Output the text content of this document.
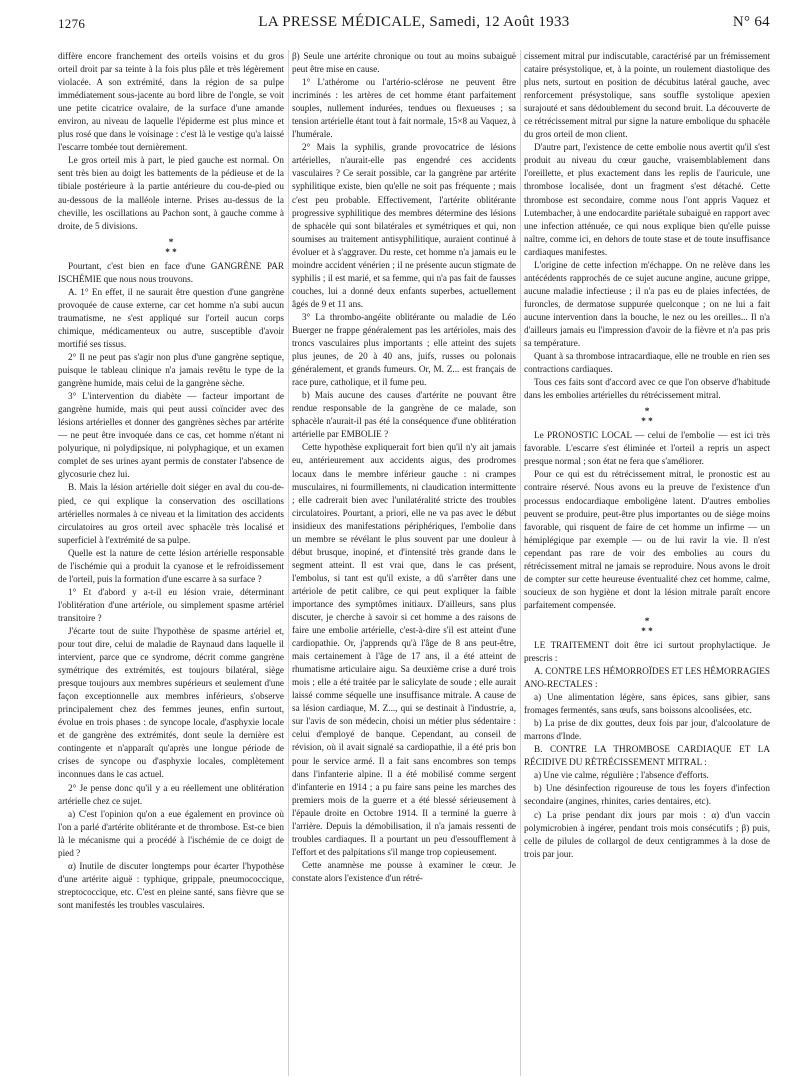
1276	LA PRESSE MÉDICALE, Samedi, 12 Août 1933	N° 64

diffère encore franchement des orteils voisins et du gros orteil droit par sa teinte à la fois plus pâle et très légèrement violacée. A son extrémité, dans la région de sa pulpe immédiatement sous-jacente au bord libre de l'ongle, se voit une petite cicatrice ovalaire, de la surface d'une amande environ, au niveau de laquelle l'épiderme est plus mince et plus rosé que dans le voisinage : c'est là le vestige qu'a laissé l'escarre tombée tout dernièrement.

Le gros orteil mis à part, le pied gauche est normal. On sent très bien au doigt les battements de la pédieuse et de la tibiale postérieure à la partie antérieure du cou-de-pied ou au-dessous de la malléole interne. Prises au-dessus de la cheville, les oscillations au Pachon sont, à gauche comme à droite, de 5 divisions.

*
* *

Pourtant, c'est bien en face d'une GANGRÈNE PAR ISCHÉMIE que nous nous trouvons.

A. 1° En effet, il ne saurait être question d'une gangrène provoquée de cause externe, car cet homme n'a subi aucun traumatisme, ne s'est appliqué sur l'orteil aucun corps chimique, médicamenteux ou autre, susceptible d'avoir mortifié ses tissus.

2° Il ne peut pas s'agir non plus d'une gangrène septique, puisque le tableau clinique n'a jamais revêtu le type de la gangrène humide, mais celui de la gangrène sèche.

3° L'intervention du diabète — facteur important de gangrène humide, mais qui peut aussi coïncider avec des lésions artérielles et donner des gangrènes sèches par artérite — ne peut être invoquée dans ce cas, cet homme n'étant ni polyurique, ni polydipsique, ni polyphagique, et un examen complet de ses urines ayant permis de constater l'absence de glycosurie chez lui.

B. Mais la lésion artérielle doit siéger en aval du cou-de-pied, ce qui explique la conservation des oscillations artérielles normales à ce niveau et la limitation des accidents circulatoires au gros orteil avec sphacèle très localisé et superficiel à l'extrémité de sa pulpe.

Quelle est la nature de cette lésion artérielle responsable de l'ischémie qui a produit la cyanose et le refroidissement de l'orteil, puis la formation d'une escarre à sa surface ?

1° Et d'abord y a-t-il eu lésion vraie, déterminant l'oblitération d'une artériole, ou simplement spasme artériel transitoire ?

J'écarte tout de suite l'hypothèse de spasme artériel et, pour tout dire, celui de maladie de Raynaud dans laquelle il intervient, parce que ce syndrome, décrit comme gangrène symétrique des extrémités, est toujours bilatéral, siège presque toujours aux membres supérieurs et seulement d'une façon exceptionnelle aux membres inférieurs, s'observe principalement chez des femmes jeunes, enfin surtout, évolue en trois phases : de syncope locale, d'asphyxie locale et de gangrène des extrémités, dont seule la dernière est contingente et n'apparaît qu'après une longue période de crises de syncope ou d'asphyxie locales, complètement inconnues dans le cas actuel.

2° Je pense donc qu'il y a eu réellement une oblitération artérielle chez ce sujet.

a) C'est l'opinion qu'on a eue également en province où l'on a parlé d'artérite oblitérante et de thrombose. Est-ce bien là le mécanisme qui a procédé à l'ischémie de ce doigt de pied ?

α) Inutile de discuter longtemps pour écarter l'hypothèse d'une artérite aiguë : typhique, grippale, pneumococcique, streptococcique, etc. C'est en pleine santé, sans fièvre que se sont manifestés les troubles vasculaires.

β) Seule une artérite chronique ou tout au moins subaiguë peut être mise en cause.

1° L'athérome ou l'artério-sclérose ne peuvent être incriminés : les artères de cet homme étant parfaitement souples, nullement indurées, tendues ou flexueuses ; sa tension artérielle étant tout à fait normale, 15×8 au Vaquez, à l'humérale.

2° Mais la syphilis, grande provocatrice de lésions artérielles, n'aurait-elle pas engendré ces accidents vasculaires ? Ce serait possible, car la gangrène par artérite syphilitique existe, bien qu'elle ne soit pas fréquente ; mais c'est peu probable. Effectivement, l'artérite oblitérante progressive syphilitique des membres détermine des lésions de sphacèle qui sont bilatérales et symétriques et qui, non soumises au traitement antisyphilitique, auraient continué à évoluer et à s'aggraver. Du reste, cet homme n'a jamais eu le moindre accident vénérien ; il ne présente aucun stigmate de syphilis ; il est marié, et sa femme, qui n'a pas fait de fausses couches, lui a donné deux enfants superbes, actuellement âgés de 9 et 11 ans.

3° La thrombo-angéite oblitérante ou maladie de Léo Buerger ne frappe généralement pas les artérioles, mais des troncs vasculaires plus importants ; elle atteint des sujets plus jeunes, de 20 à 40 ans, juifs, russes ou polonais généralement, et grands fumeurs. Or, M. Z... est français de race pure, catholique, et il fume peu.

b) Mais aucune des causes d'artérite ne pouvant être rendue responsable de la gangrène de ce malade, son sphacèle n'aurait-il pas été la conséquence d'une oblitération artérielle par EMBOLIE ?

Cette hypothèse expliquerait fort bien qu'il n'y ait jamais eu, antérieurement aux accidents aigus, des prodromes locaux dans le membre inférieur gauche : ni crampes musculaires, ni fourmillements, ni claudication intermittente ; elle cadrerait bien avec l'unilatéralité stricte des troubles circulatoires. Pourtant, a priori, elle ne va pas avec le début insidieux des manifestations périphériques, l'embolie dans un membre se révélant le plus souvent par une douleur à début brusque, inopiné, et d'intensité très grande dans le segment atteint. Il est vrai que, dans le cas présent, l'embolus, si tant est qu'il existe, a dû s'arrêter dans une artériole de petit calibre, ce qui peut expliquer la faible importance des symptômes initiaux. D'ailleurs, sans plus discuter, je cherche à savoir si cet homme a des raisons de faire une embolie artérielle, c'est-à-dire s'il est atteint d'une cardiopathie. Or, j'apprends qu'à l'âge de 8 ans peut-être, mais certainement à l'âge de 17 ans, il a été atteint de rhumatisme articulaire aigu. Sa deuxième crise a duré trois mois ; elle a été traitée par le salicylate de soude ; elle aurait laissé comme séquelle une insuffisance mitrale. A cause de sa lésion cardiaque, M. Z..., qui se destinait à l'industrie, a, sur l'avis de son médecin, choisi un métier plus sédentaire : celui d'employé de banque. Cependant, au conseil de révision, où il avait signalé sa cardiopathie, il a été pris bon pour le service armé. Il a fait sans encombres son temps dans l'infanterie alpine. Il a été mobilisé comme sergent d'infanterie en 1914 ; a pu faire sans peine les marches des premiers mois de la guerre et a été blessé sérieusement à l'épaule droite en Octobre 1914. Il a terminé la guerre à l'arrière. Depuis la démobilisation, il n'a jamais ressenti de troubles cardiaques. Il a pourtant un peu d'essoufflement à l'effort et des palpitations s'il mange trop copieusement.

Cette anamnèse me pousse à examiner le cœur. Je constate alors l'existence d'un rétré-

cissement mitral pur indiscutable, caractérisé par un frémissement cataire présystolique, et, à la pointe, un roulement diastolique des plus nets, surtout en position de décubitus latéral gauche, avec renforcement présystolique, sans souffle systolique apexien surajouté et sans dédoublement du second bruit. La découverte de ce rétrécissement mitral pur signe la nature embolique du sphacèle du gros orteil de mon client.

D'autre part, l'existence de cette embolie nous avertit qu'il s'est produit au niveau du cœur gauche, vraisemblablement dans l'oreillette, et plus exactement dans les replis de l'auricule, une thrombose localisée, dont un fragment s'est détaché. Cette thrombose est secondaire, comme nous l'ont appris Vaquez et Lutembacher, à une endocardite pariétale subaiguë en rapport avec une infection atténuée, ce qui nous explique bien qu'elle puisse naître, comme ici, en dehors de toute stase et de toute insuffisance cardiaques manifestes.

L'origine de cette infection m'échappe. On ne relève dans les antécédents rapprochés de ce sujet aucune angine, aucune grippe, aucune maladie infectieuse ; il n'a pas eu de plaies infectées, de furoncles, de dermatose suppurée quelconque ; on ne lui a fait aucune intervention dans la bouche, le nez ou les oreilles... Il n'a d'ailleurs jamais eu l'impression d'avoir de la fièvre et n'a pas pris sa température.

Quant à sa thrombose intracardiaque, elle ne trouble en rien ses contractions cardiaques.

Tous ces faits sont d'accord avec ce que l'on observe d'habitude dans les embolies artérielles du rétrécissement mitral.

*
* *

Le PRONOSTIC LOCAL — celui de l'embolie — est ici très favorable. L'escarre s'est éliminée et l'orteil a repris un aspect presque normal ; son état ne fera que s'améliorer.

Pour ce qui est du rétrécissement mitral, le pronostic est au contraire réservé. Nous avons eu la preuve de l'existence d'un processus endocardiaque emboligène latent. D'autres embolies peuvent se produire, peut-être plus importantes ou de siège moins favorable, qui risquent de faire de cet homme un infirme — un hémiplégique par exemple — ou de lui ravir la vie. Il n'est cependant pas rare de voir des embolies au cours du rétrécissement mitral ne jamais se reproduire. Nous avons le droit de compter sur cette heureuse éventualité chez cet homme, calme, soucieux de son hygiène et dont la lésion mitrale paraît encore parfaitement compensée.

*
* *

LE TRAITEMENT doit être ici surtout prophylactique. Je prescris :

A. CONTRE LES HÉMORROÏDES ET LES HÉMORRAGIES ANO-RECTALES :

a) Une alimentation légère, sans épices, sans gibier, sans fromages fermentés, sans œufs, sans boissons alcoolisées, etc.

b) La prise de dix gouttes, deux fois par jour, d'alcoolature de marrons d'Inde.

B. CONTRE LA THROMBOSE CARDIAQUE ET LA RÉCIDIVE DU RÉTRÉCISSEMENT MITRAL :

a) Une vie calme, régulière ; l'absence d'efforts.

b) Une désinfection rigoureuse de tous les foyers d'infection secondaire (angines, rhinites, caries dentaires, etc).

c) La prise pendant dix jours par mois : α) d'un vaccin polymicrobien à ingérer, pendant trois mois consécutifs ; β) puis, celle de pilules de collargol de deux centigrammes à la dose de trois par jour.
